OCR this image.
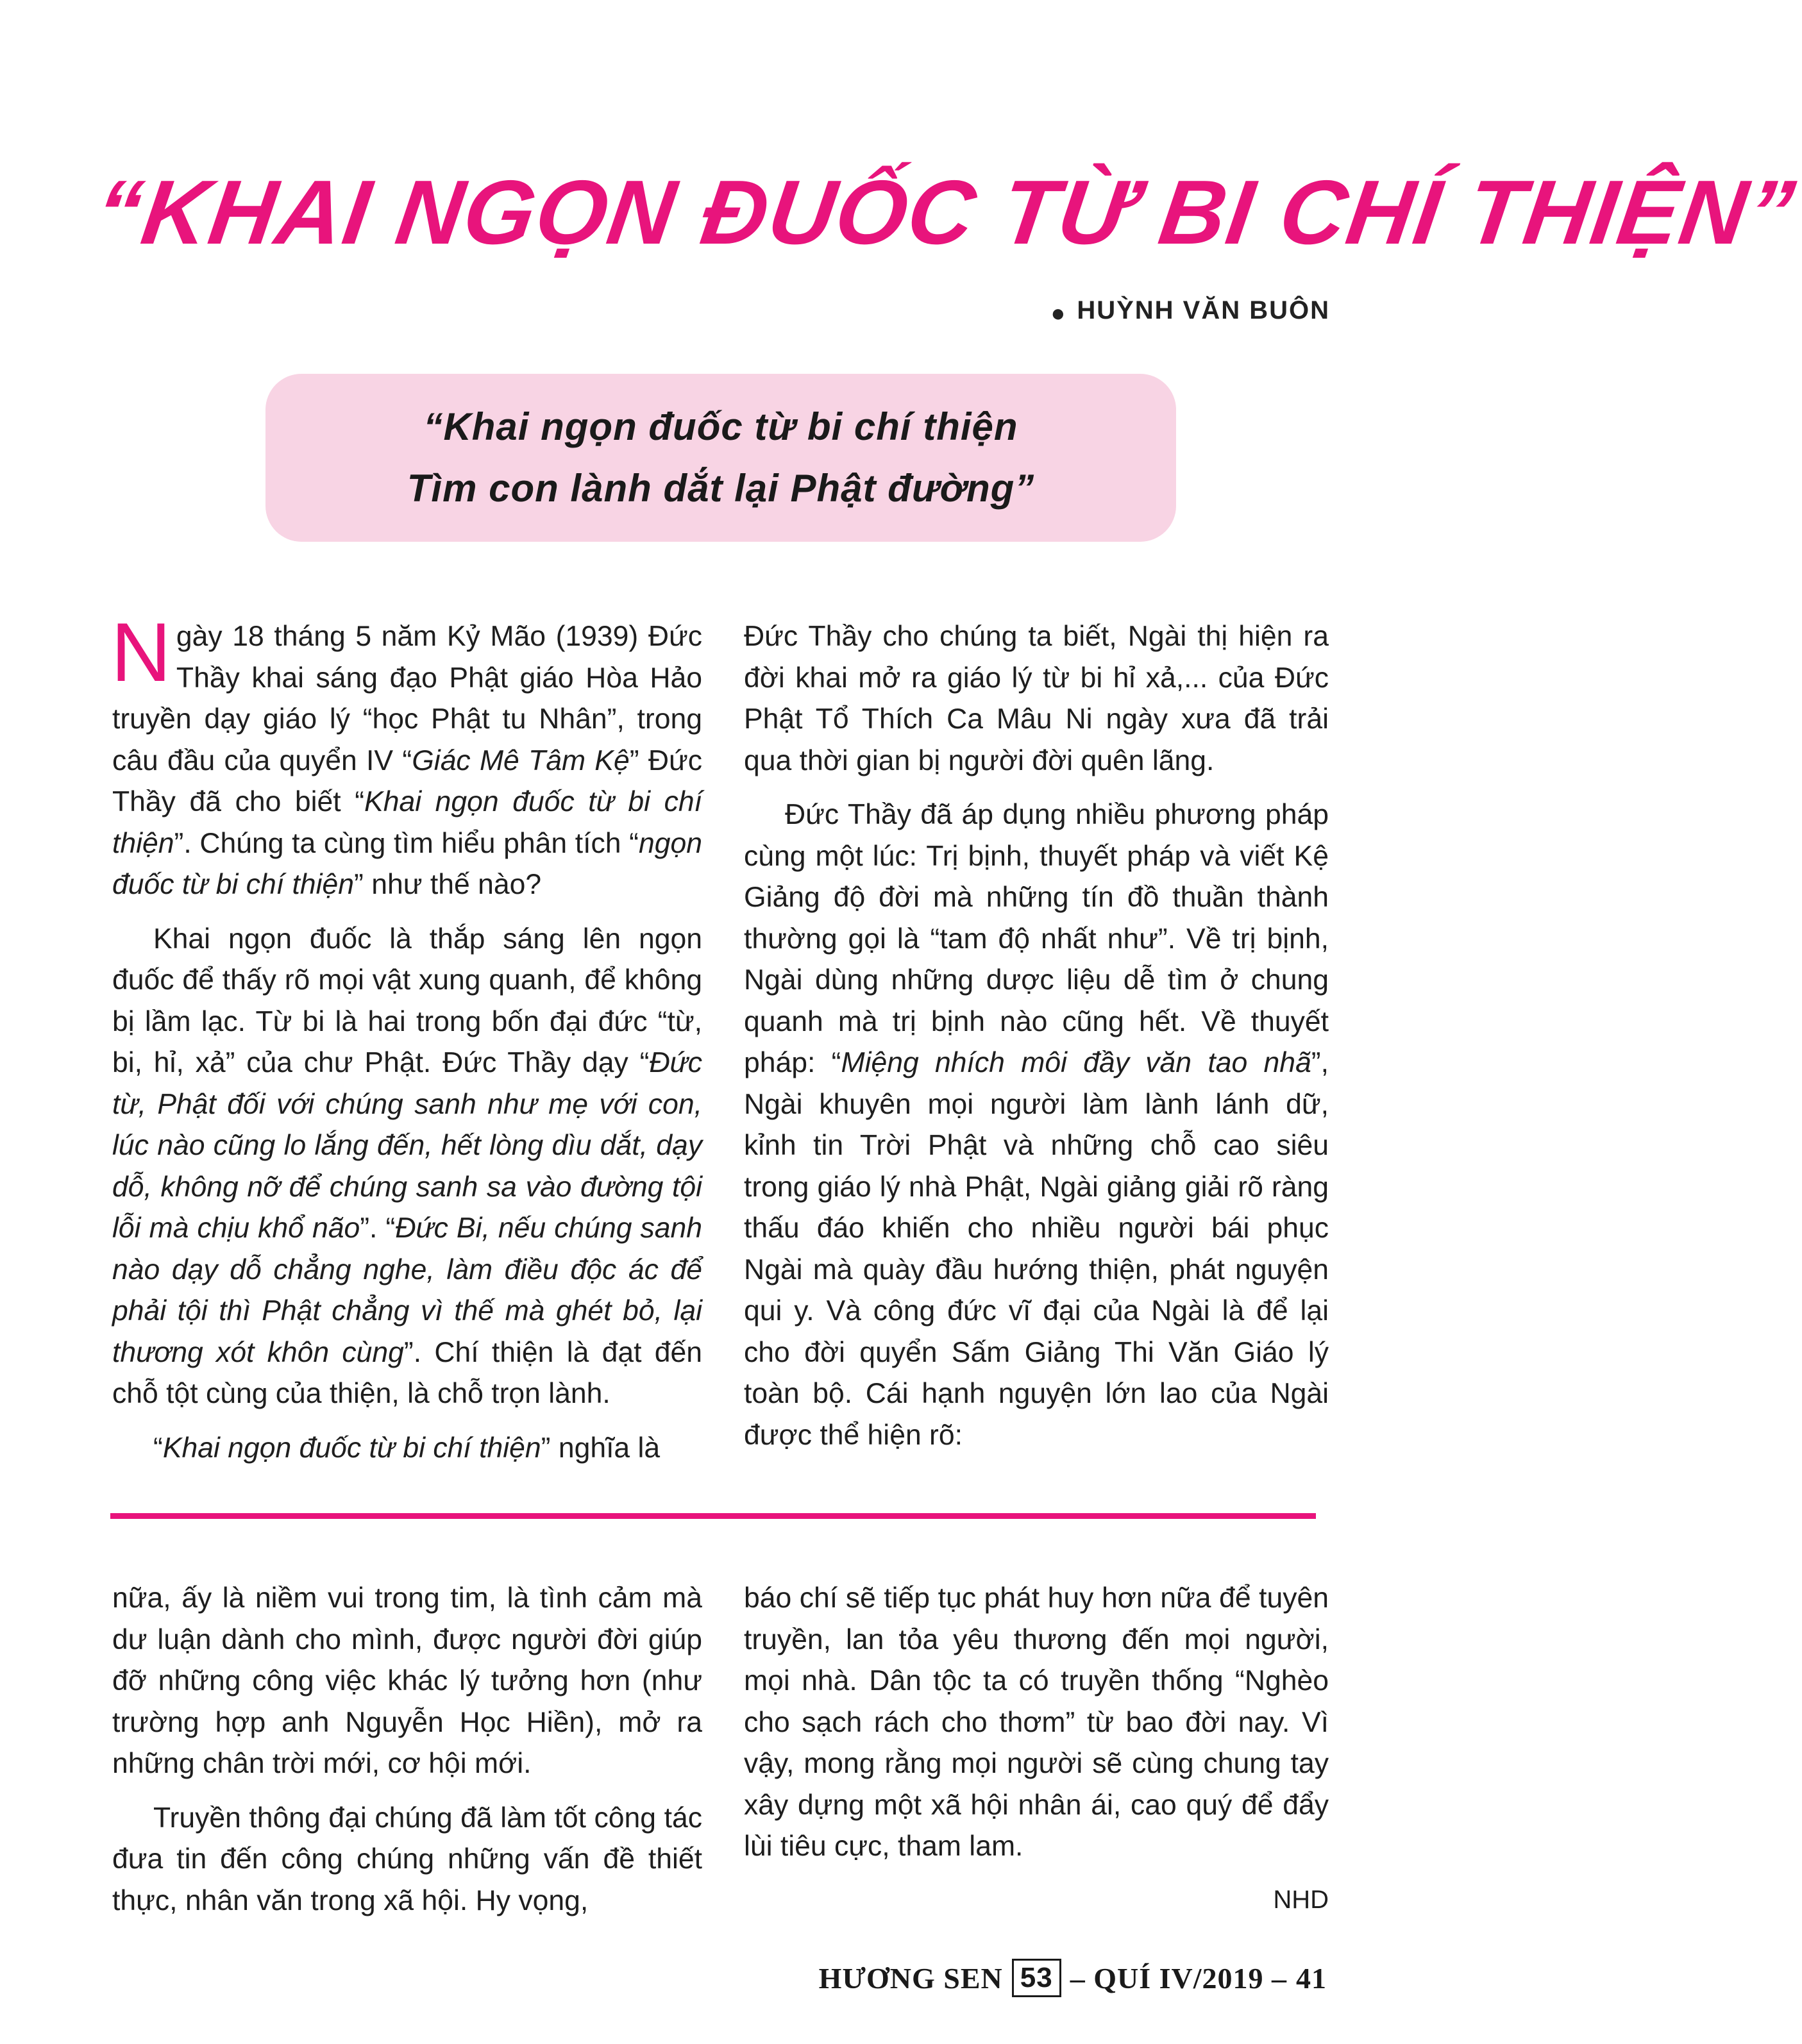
“KHAI NGỌN ĐUỐC TỪ BI CHÍ THIỆN”
● HUỲNH VĂN BUÔN
“Khai ngọn đuốc từ bi chí thiện
Tìm con lành dắt lại Phật đường”

Ngày 18 tháng 5 năm Kỷ Mão (1939) Đức Thầy khai sáng đạo Phật giáo Hòa Hảo truyền dạy giáo lý “học Phật tu Nhân”, trong câu đầu của quyển IV “Giác Mê Tâm Kệ” Đức Thầy đã cho biết “Khai ngọn đuốc từ bi chí thiện”. Chúng ta cùng tìm hiểu phân tích “ngọn đuốc từ bi chí thiện” như thế nào?

Khai ngọn đuốc là thắp sáng lên ngọn đuốc để thấy rõ mọi vật xung quanh, để không bị lầm lạc. Từ bi là hai trong bốn đại đức “từ, bi, hỉ, xả” của chư Phật. Đức Thầy dạy “Đức từ, Phật đối với chúng sanh như mẹ với con, lúc nào cũng lo lắng đến, hết lòng dìu dắt, dạy dỗ, không nỡ để chúng sanh sa vào đường tội lỗi mà chịu khổ não”. “Đức Bi, nếu chúng sanh nào dạy dỗ chẳng nghe, làm điều độc ác để phải tội thì Phật chẳng vì thế mà ghét bỏ, lại thương xót khôn cùng”. Chí thiện là đạt đến chỗ tột cùng của thiện, là chỗ trọn lành.

“Khai ngọn đuốc từ bi chí thiện” nghĩa là

Đức Thầy cho chúng ta biết, Ngài thị hiện ra đời khai mở ra giáo lý từ bi hỉ xả,... của Đức Phật Tổ Thích Ca Mâu Ni ngày xưa đã trải qua thời gian bị người đời quên lãng.

Đức Thầy đã áp dụng nhiều phương pháp cùng một lúc: Trị bịnh, thuyết pháp và viết Kệ Giảng độ đời mà những tín đồ thuần thành thường gọi là “tam độ nhất như”. Về trị bịnh, Ngài dùng những dược liệu dễ tìm ở chung quanh mà trị bịnh nào cũng hết. Về thuyết pháp: “Miệng nhích môi đầy văn tao nhã”, Ngài khuyên mọi người làm lành lánh dữ, kỉnh tin Trời Phật và những chỗ cao siêu trong giáo lý nhà Phật, Ngài giảng giải rõ ràng thấu đáo khiến cho nhiều người bái phục Ngài mà quày đầu hướng thiện, phát nguyện qui y. Và công đức vĩ đại của Ngài là để lại cho đời quyển Sấm Giảng Thi Văn Giáo lý toàn bộ. Cái hạnh nguyện lớn lao của Ngài được thể hiện rõ:

nữa, ấy là niềm vui trong tim, là tình cảm mà dư luận dành cho mình, được người đời giúp đỡ những công việc khác lý tưởng hơn (như trường hợp anh Nguyễn Học Hiền), mở ra những chân trời mới, cơ hội mới.

Truyền thông đại chúng đã làm tốt công tác đưa tin đến công chúng những vấn đề thiết thực, nhân văn trong xã hội. Hy vọng,

báo chí sẽ tiếp tục phát huy hơn nữa để tuyên truyền, lan tỏa yêu thương đến mọi người, mọi nhà. Dân tộc ta có truyền thống “Nghèo cho sạch rách cho thơm” từ bao đời nay. Vì vậy, mong rằng mọi người sẽ cùng chung tay xây dựng một xã hội nhân ái, cao quý để đẩy lùi tiêu cực, tham lam.

NHD
HƯƠNG SEN 53 – QUÍ IV/2019 – 41
